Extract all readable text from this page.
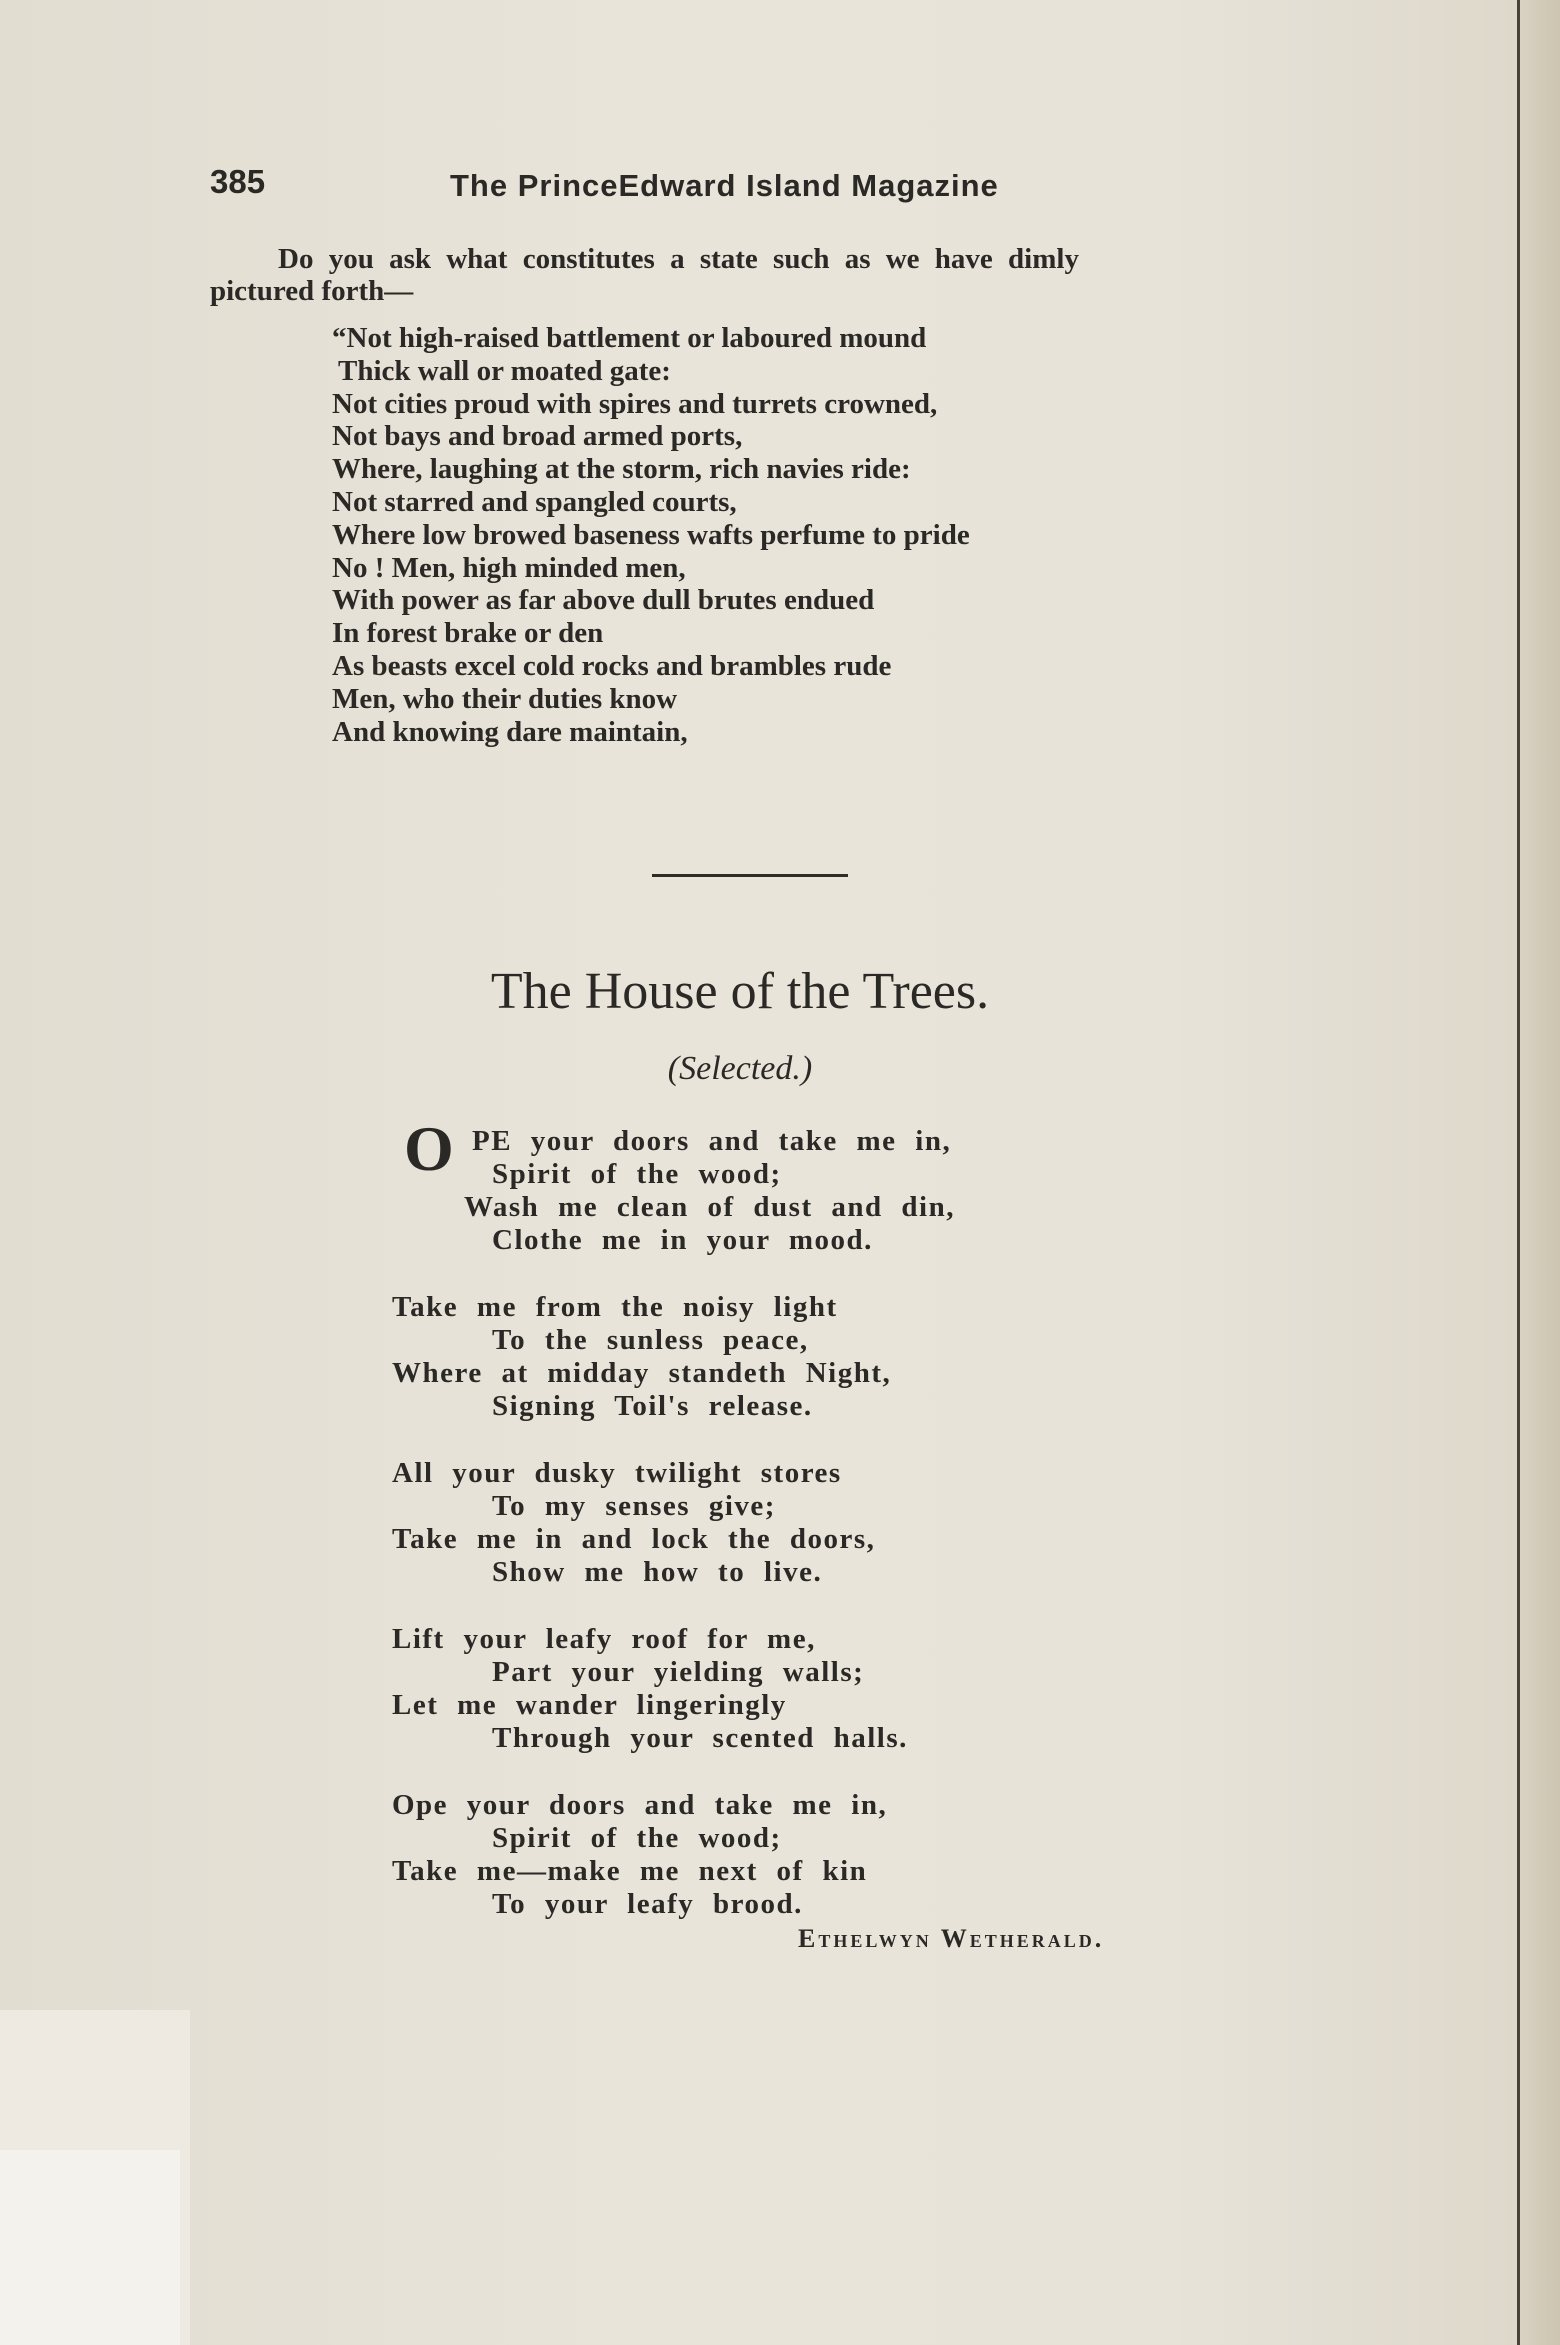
385	The PrinceEdward Island Magazine
Do you ask what constitutes a state such as we have dimly
pictured forth—
“Not high-raised battlement or laboured mound
Thick wall or moated gate:
Not cities proud with spires and turrets crowned,
Not bays and broad armed ports,
Where, laughing at the storm, rich navies ride:
Not starred and spangled courts,
Where low browed baseness wafts perfume to pride
No ! Men, high minded men,
With power as far above dull brutes endued
In forest brake or den
As beasts excel cold rocks and brambles rude
Men, who their duties know
And knowing dare maintain,
The House of the Trees.
(Selected.)
O PE your doors and take me in,
Spirit of the wood;
Wash me clean of dust and din,
Clothe me in your mood.
Take me from the noisy light
To the sunless peace,
Where at midday standeth Night,
Signing Toil's release.
All your dusky twilight stores
To my senses give;
Take me in and lock the doors,
Show me how to live.
Lift your leafy roof for me,
Part your yielding walls;
Let me wander lingeringly
Through your scented halls.
Ope your doors and take me in,
Spirit of the wood;
Take me—make me next of kin
To your leafy brood.
Ethelwyn Wetherald.
